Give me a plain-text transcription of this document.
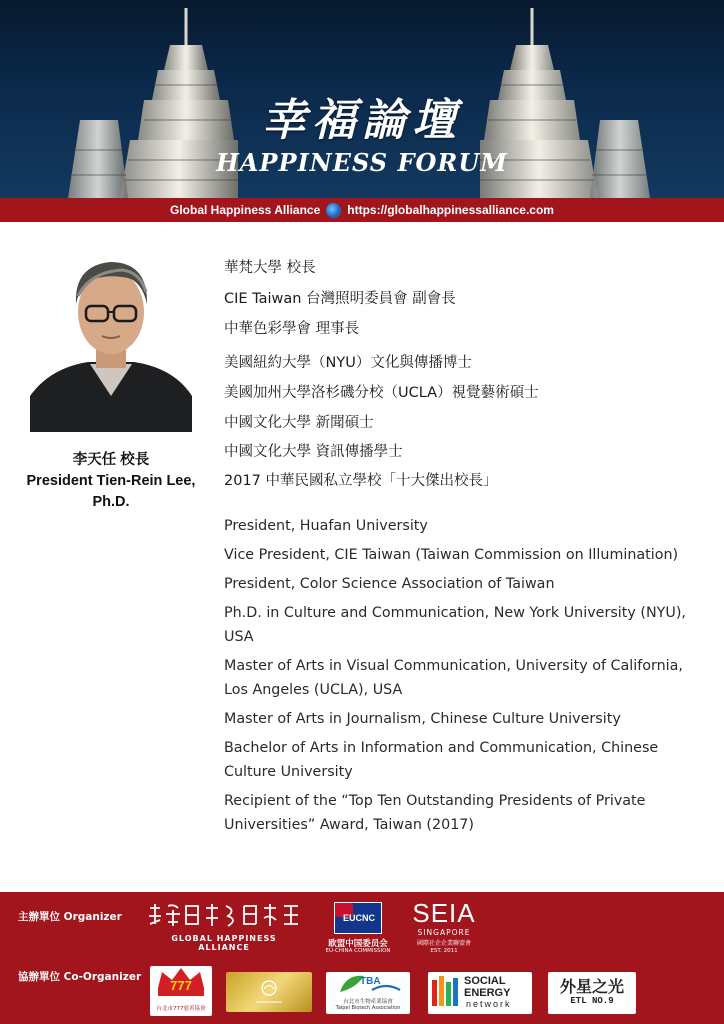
幸福論壇
HAPPINESS FORUM
Global Happiness Alliance https://globalhappinessalliance.com
李天任 校長
President Tien-Rein Lee, Ph.D.
華梵大學 校長
CIE Taiwan 台灣照明委員會 副會長
中華色彩學會 理事長
美國紐約大學（NYU）文化與傳播博士
美國加州大學洛杉磯分校（UCLA）視覺藝術碩士
中國文化大學 新聞碩士
中國文化大學 資訊傳播學士
2017 中華民國私立學校「十大傑出校長」

President, Huafan University

Vice President, CIE Taiwan (Taiwan Commission on Illumination)

President, Color Science Association of Taiwan

Ph.D. in Culture and Communication, New York University (NYU), USA

Master of Arts in Visual Communication, University of California, Los Angeles (UCLA), USA

Master of Arts in Journalism, Chinese Culture University

Bachelor of Arts in Information and Communication, Chinese Culture University

Recipient of the “Top Ten Outstanding Presidents of Private Universities” Award, Taiwan (2017)

主辦單位 Organizer
協辦單位 Co-Organizer
GLOBAL HAPPINESS ALLIANCE
EUCNC
欧盟中国委员会
EU-CHINA COMMISSION
SEIA
SINGAPORE
國際社企企業聯盟會
EST. 2011
777
台北市777慈善協會
TBA
台北市生物產業協會
Taipei Biotech Association
SOCIAL
ENERGY
network
外星之光
ETL NO.9
